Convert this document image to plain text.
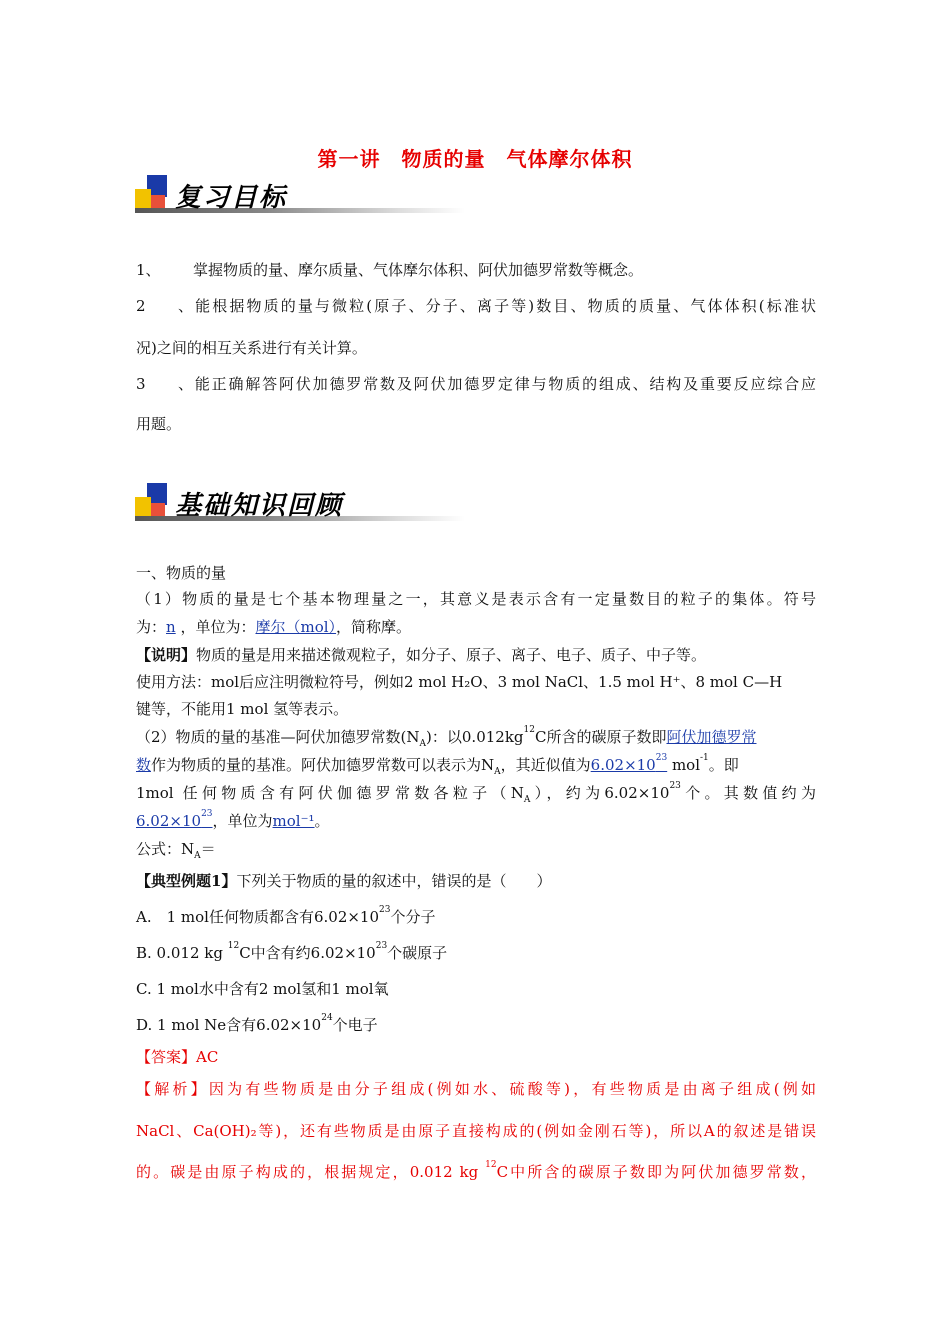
第一讲　物质的量　气体摩尔体积
复习目标
1、 掌握物质的量、摩尔质量、气体摩尔体积、阿伏加德罗常数等概念。
2、能根据物质的量与微粒(原子、分子、离子等)数目、物质的质量、气体体积(标准状
况)之间的相互关系进行有关计算。
3、能正确解答阿伏加德罗常数及阿伏加德罗定律与物质的组成、结构及重要反应综合应
用题。
基础知识回顾
一、物质的量
（1）物质的量是七个基本物理量之一，其意义是表示含有一定量数目的粒子的集体。符号
为：n ，单位为：摩尔（mol），简称摩。
【说明】物质的量是用来描述微观粒子，如分子、原子、离子、电子、质子、中子等。
使用方法：mol后应注明微粒符号，例如2 mol H₂O、3 mol NaCl、1.5 mol H⁺、8 mol C—H
键等，不能用1 mol 氢等表示。
（2）物质的量的基准—阿伏加德罗常数$(N_A)$：以$0.012kg^{12}C$所含的碳原子数即阿伏加德罗常
数作为物质的量的基准。阿伏加德罗常数可以表示为$N_A$，其近似值为$6.02\times 10^{23}$ mol$^{-1}$。即
1mol 任何物质含有阿伏伽德罗常数各粒子$(N_A)$，约为$6.02\times 10^{23}$个。其数值约为
$6.02\times 10^{23}$，单位为mol⁻¹。
公式：$N_A=$
【典型例题1】下列关于物质的量的叙述中，错误的是（　　）
A.　1 mol任何物质都含有$6.02\times 10^{23}$个分子
B. 0.012 kg $^{12}$C中含有约$6.02\times 10^{23}$个碳原子
C. 1 mol水中含有2 mol氢和1 mol氧
D. 1 mol Ne含有$6.02\times 10^{24}$个电子
【答案】AC
【解析】因为有些物质是由分子组成(例如水、硫酸等)，有些物质是由离子组成(例如
NaCl、Ca(OH)₂等)，还有些物质是由原子直接构成的(例如金刚石等)，所以A的叙述是错误
的。碳是由原子构成的，根据规定，0.012 kg $^{12}$C中所含的碳原子数即为阿伏加德罗常数，
